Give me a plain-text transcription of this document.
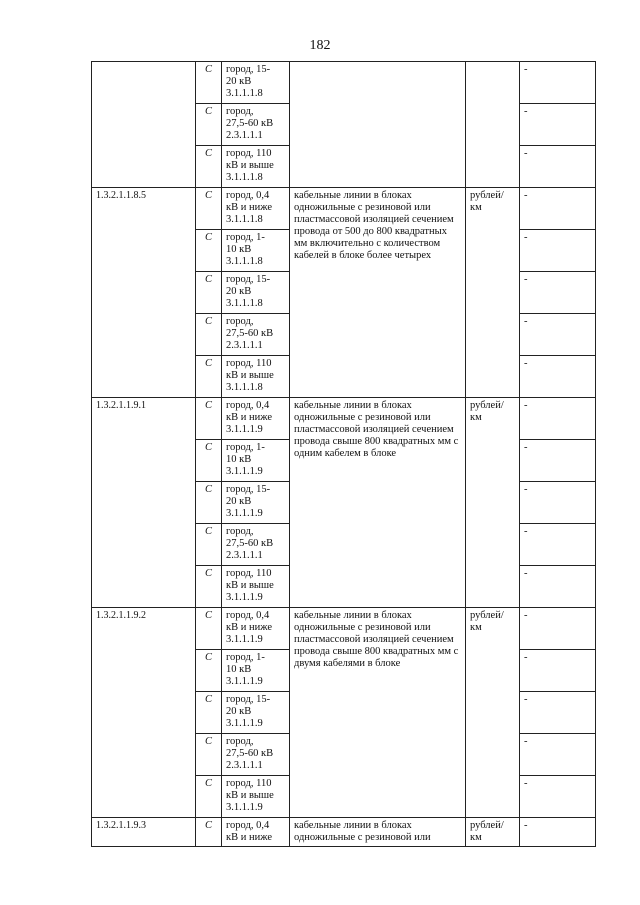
182
	С	город, 15-
20 кВ
3.1.1.1.8			-
	С	город,
27,5-60 кВ
2.3.1.1.1			-
	С	город, 110
кВ и выше
3.1.1.1.8			-
1.3.2.1.1.8.5	С	город, 0,4
кВ и ниже
3.1.1.1.8	кабельные линии в блоках одножильные с резиновой или пластмассовой изоляцией сечением провода от 500 до 800 квадратных мм включительно с количеством кабелей в блоке более четырех	рублей/ км	-
	С	город, 1-
10 кВ
3.1.1.1.8			-
	С	город, 15-
20 кВ
3.1.1.1.8			-
	С	город,
27,5-60 кВ
2.3.1.1.1			-
	С	город, 110
кВ и выше
3.1.1.1.8			-
1.3.2.1.1.9.1	С	город, 0,4
кВ и ниже
3.1.1.1.9	кабельные линии в блоках одножильные с резиновой или пластмассовой изоляцией сечением провода свыше 800 квадратных мм с одним кабелем в блоке	рублей/ км	-
	С	город, 1-
10 кВ
3.1.1.1.9			-
	С	город, 15-
20 кВ
3.1.1.1.9			-
	С	город,
27,5-60 кВ
2.3.1.1.1			-
	С	город, 110
кВ и выше
3.1.1.1.9			-
1.3.2.1.1.9.2	С	город, 0,4
кВ и ниже
3.1.1.1.9	кабельные линии в блоках одножильные с резиновой или пластмассовой изоляцией сечением провода свыше 800 квадратных мм с двумя кабелями в блоке	рублей/ км	-
	С	город, 1-
10 кВ
3.1.1.1.9			-
	С	город, 15-
20 кВ
3.1.1.1.9			-
	С	город,
27,5-60 кВ
2.3.1.1.1			-
	С	город, 110
кВ и выше
3.1.1.1.9			-
1.3.2.1.1.9.3	С	город, 0,4
кВ и ниже	кабельные линии в блоках одножильные с резиновой или	рублей/ км	-
